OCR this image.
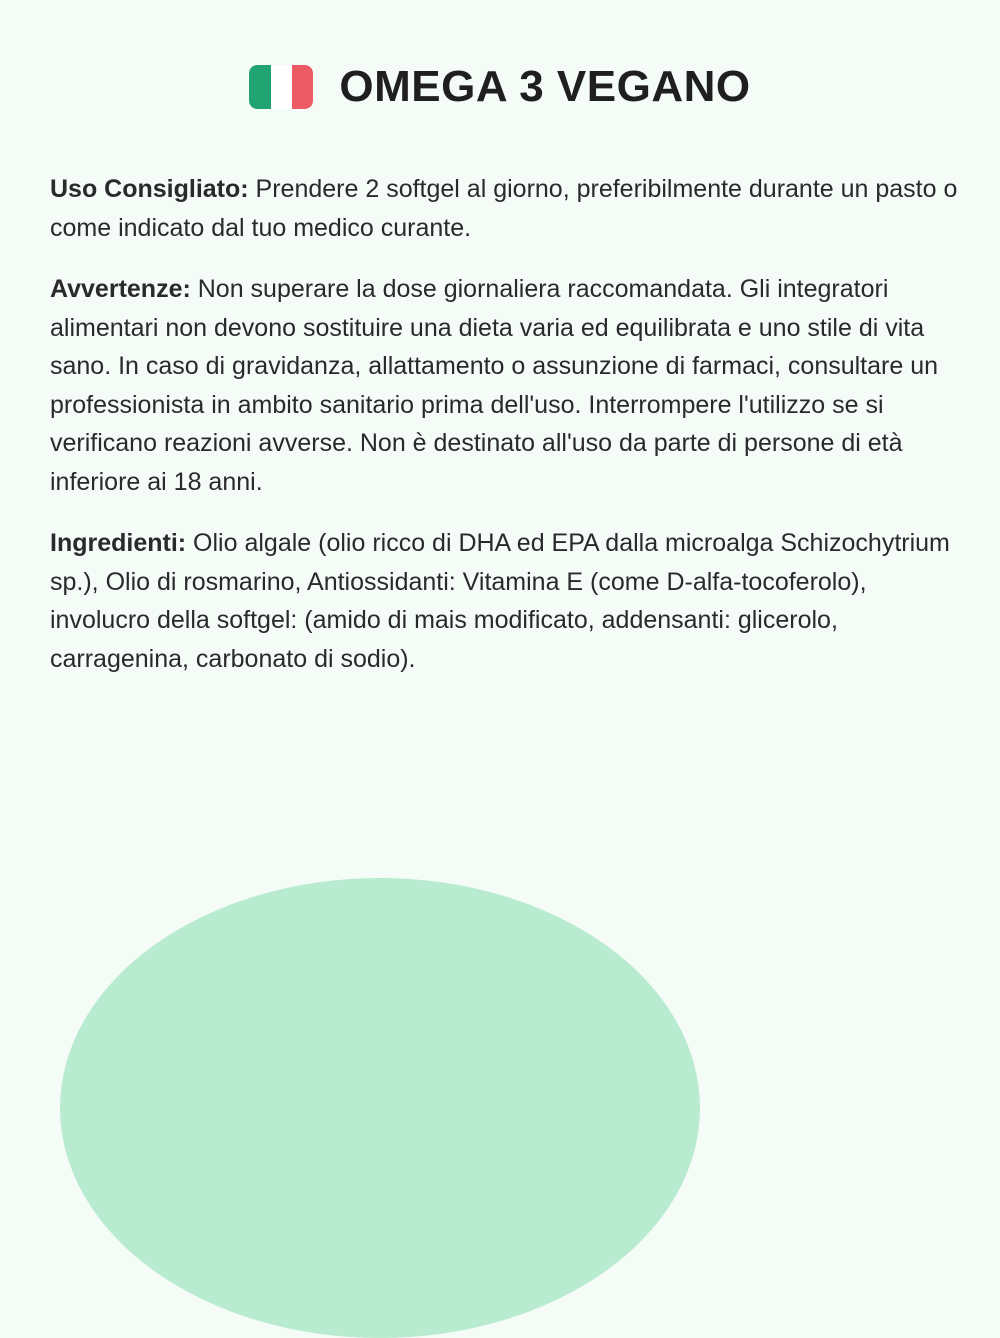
OMEGA 3 VEGANO

Uso Consigliato: Prendere 2 softgel al giorno, preferibilmente durante un pasto o come indicato dal tuo medico curante.

Avvertenze: Non superare la dose giornaliera raccomandata. Gli integratori alimentari non devono sostituire una dieta varia ed equilibrata e uno stile di vita sano. In caso di gravidanza, allattamento o assunzione di farmaci, consultare un professionista in ambito sanitario prima dell'uso. Interrompere l'utilizzo se si verificano reazioni avverse. Non è destinato all'uso da parte di persone di età inferiore ai 18 anni.

Ingredienti: Olio algale (olio ricco di DHA ed EPA dalla microalga Schizochytrium sp.), Olio di rosmarino, Antiossidanti: Vitamina E (come D-alfa-tocoferolo), involucro della softgel: (amido di mais modificato, addensanti: glicerolo, carragenina, carbonato di sodio).
